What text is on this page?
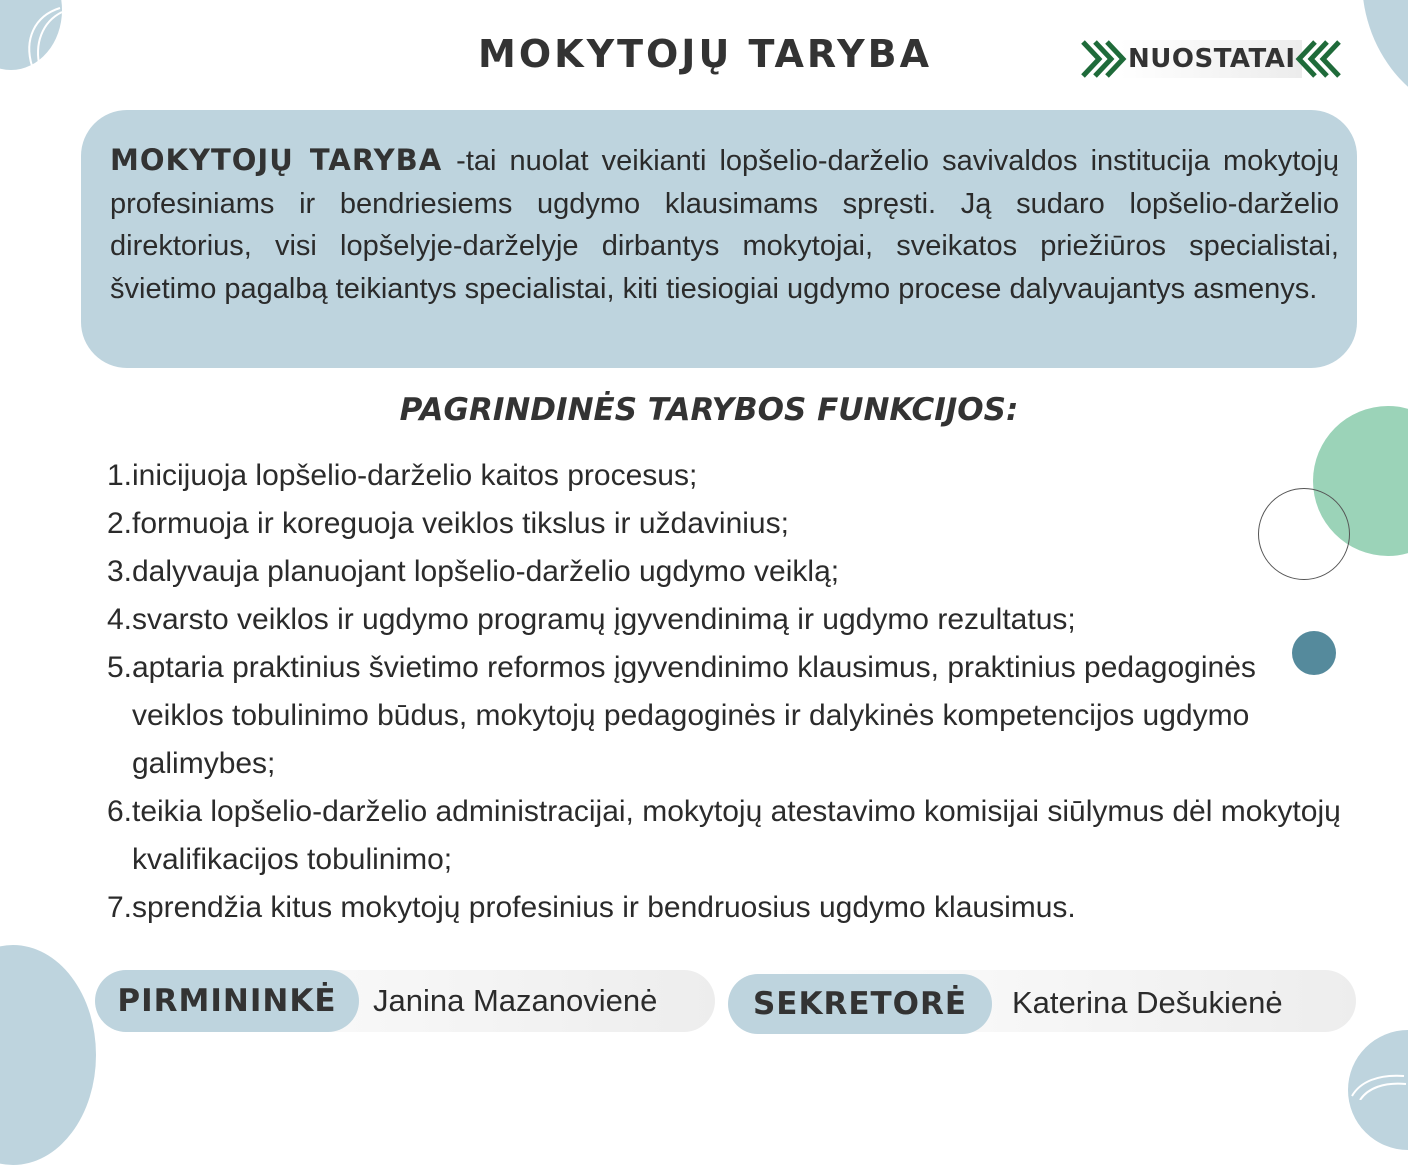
MOKYTOJŲ TARYBA	NUOSTATAI

MOKYTOJŲ TARYBA -tai nuolat veikianti lopšelio-darželio savivaldos institucija mokytojų profesiniams ir bendriesiems ugdymo klausimams spręsti. Ją sudaro lopšelio-darželio direktorius, visi lopšelyje-darželyje dirbantys mokytojai, sveikatos priežiūros specialistai, švietimo pagalbą teikiantys specialistai, kiti tiesiogiai ugdymo procese dalyvaujantys asmenys.

PAGRINDINĖS TARYBOS FUNKCIJOS:
1. inicijuoja lopšelio-darželio kaitos procesus;
2. formuoja ir koreguoja veiklos tikslus ir uždavinius;
3. dalyvauja planuojant lopšelio-darželio ugdymo veiklą;
4. svarsto veiklos ir ugdymo programų įgyvendinimą ir ugdymo rezultatus;
5. aptaria praktinius švietimo reformos įgyvendinimo klausimus, praktinius pedagoginės veiklos tobulinimo būdus, mokytojų pedagoginės ir dalykinės kompetencijos ugdymo galimybes;
6. teikia lopšelio-darželio administracijai, mokytojų atestavimo komisijai siūlymus dėl mokytojų kvalifikacijos tobulinimo;
7. sprendžia kitus mokytojų profesinius ir bendruosius ugdymo klausimus.
PIRMININKĖ	Janina Mazanovienė	SEKRETORĖ	Katerina Dešukienė
